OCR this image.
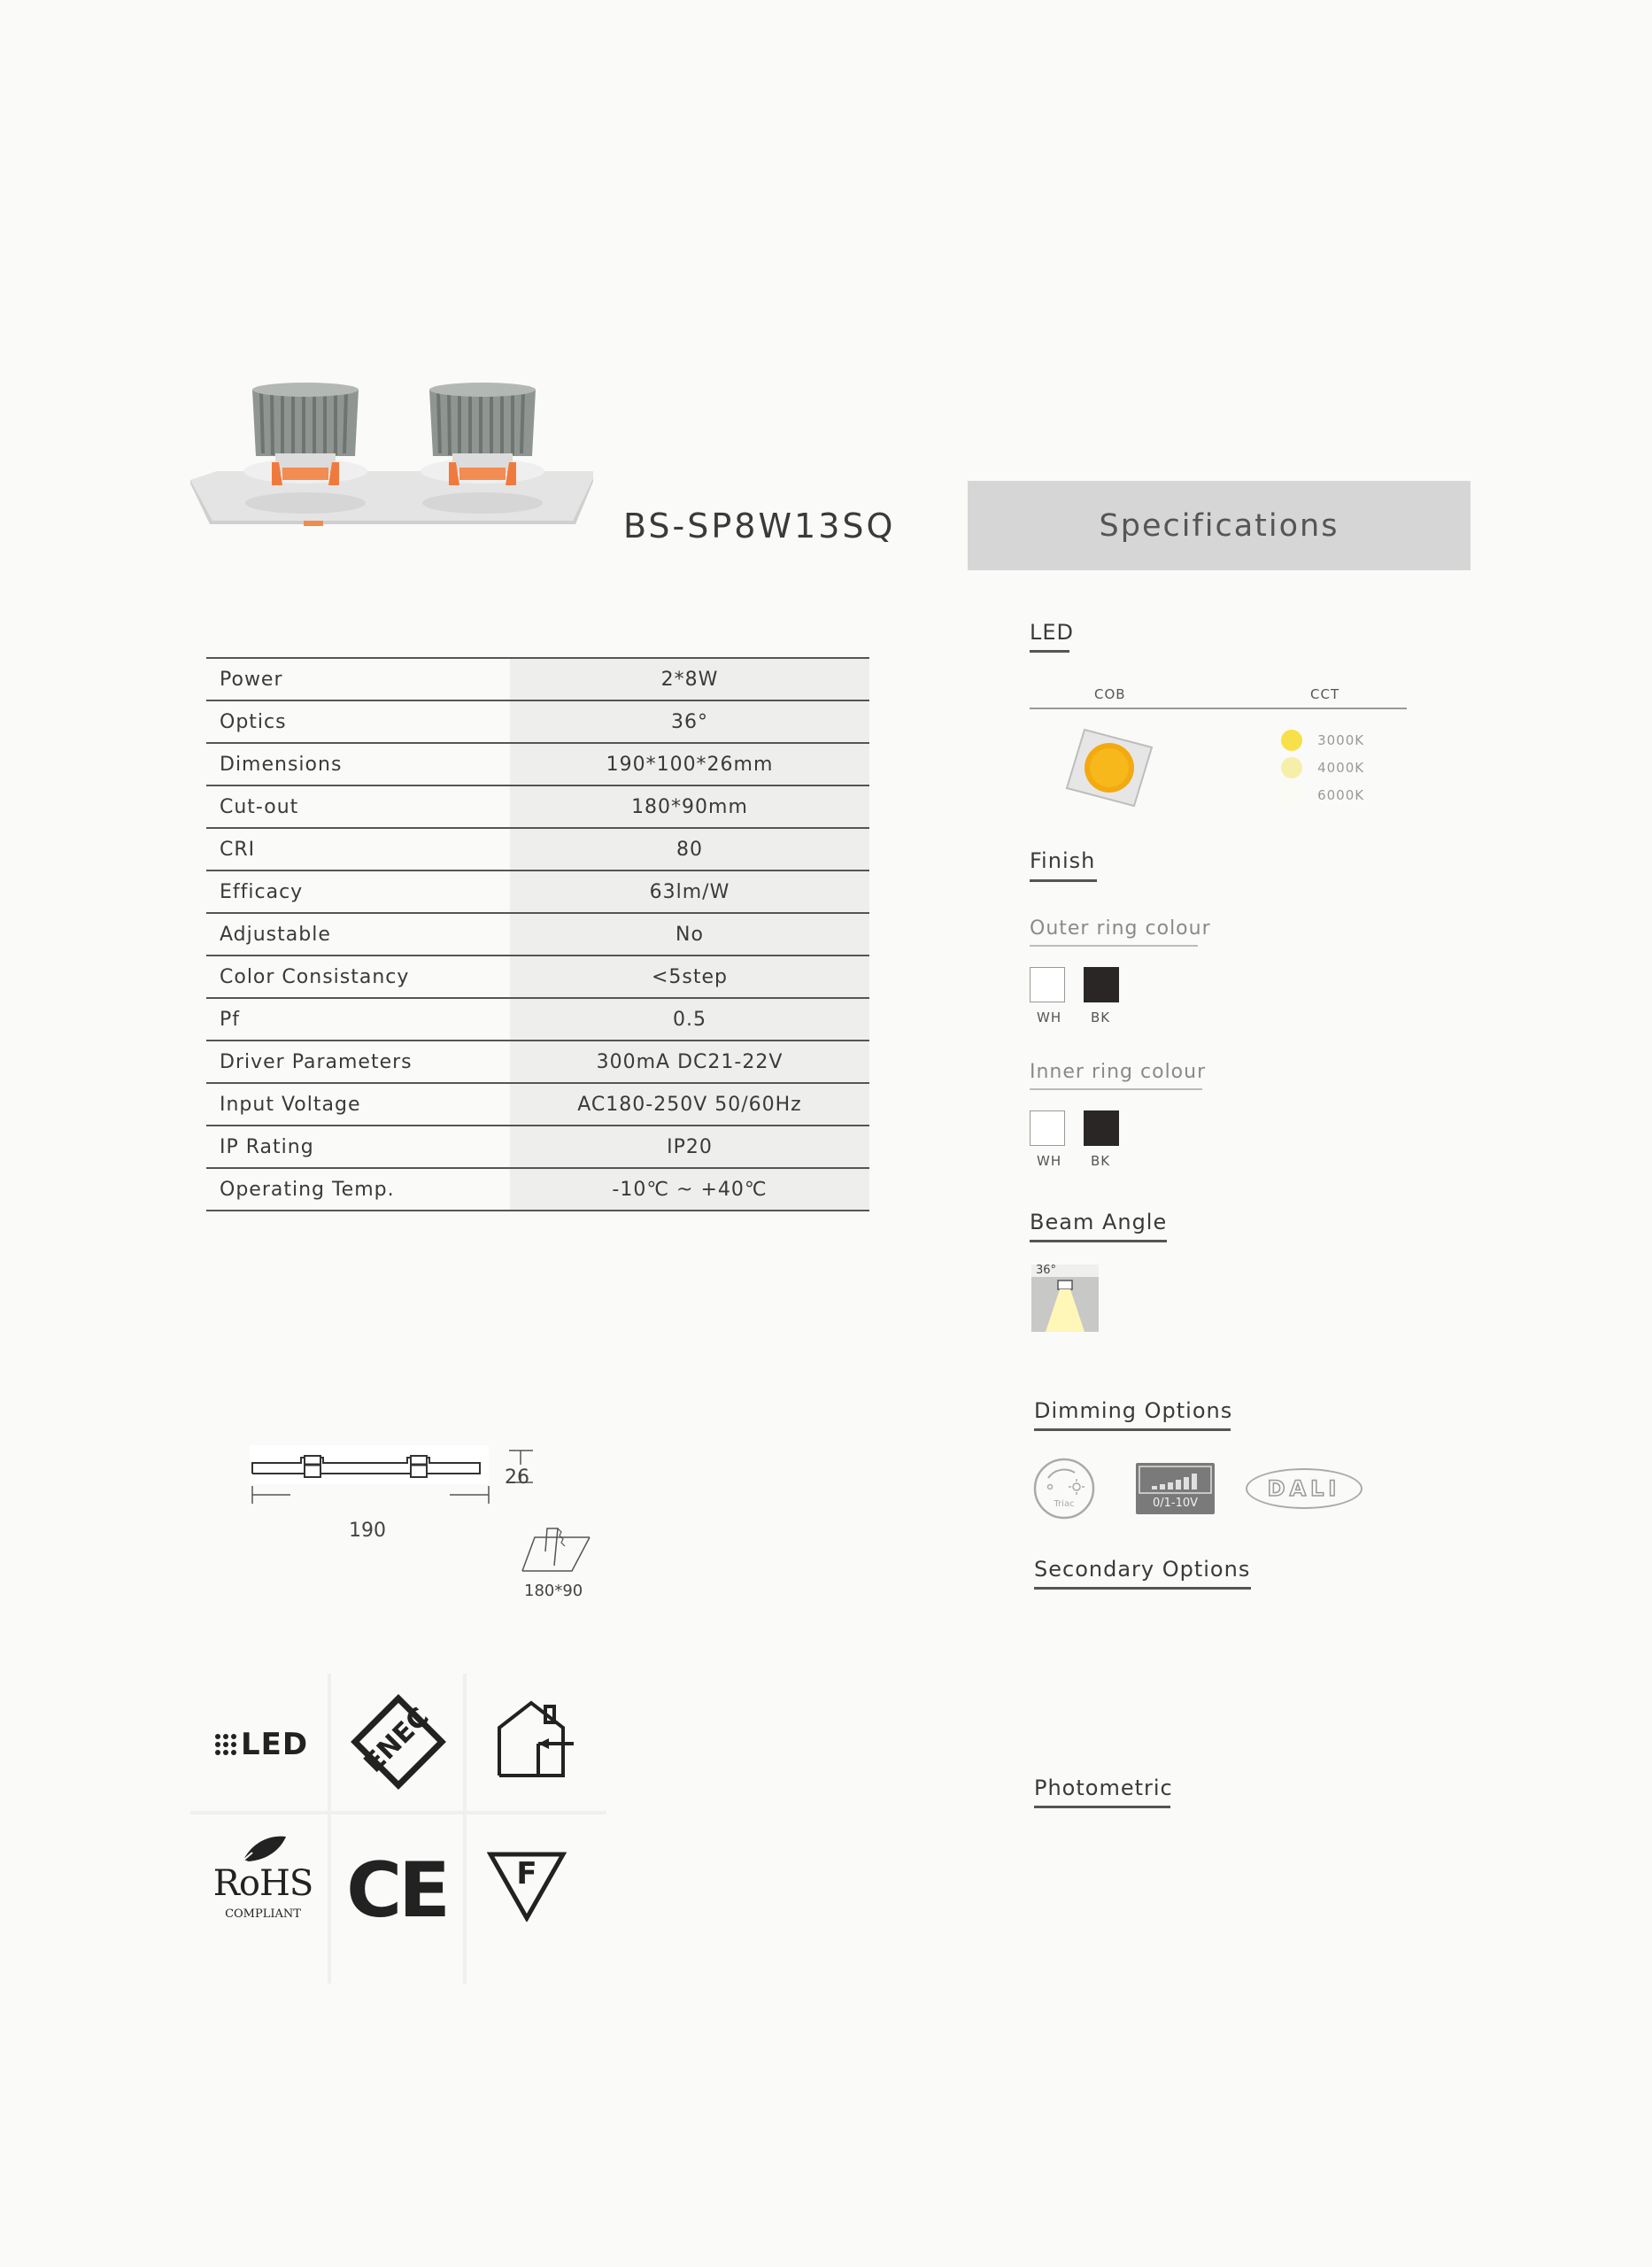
BS-SP8W13SQ	Specifications
Power	2*8W
Optics	36°
Dimensions	190*100*26mm
Cut-out	180*90mm
CRI	80
Efficacy	63lm/W
Adjustable	No
Color Consistancy	<5step
Pf	0.5
Driver Parameters	300mA DC21-22V
Input Voltage	AC180-250V 50/60Hz
IP Rating	IP20
Operating Temp.	-10℃ ~ +40℃
LED
COB	CCT
3000K
4000K
6000K
Finish
Outer ring colour
WH BK
Inner ring colour
WH BK
Beam Angle
36°
Dimming Options
Triac	0/1-10V
DALI
Secondary Options
Photometric
26
190
180*90
LED ENEC
RoHS
COMPLIANT CE	F
